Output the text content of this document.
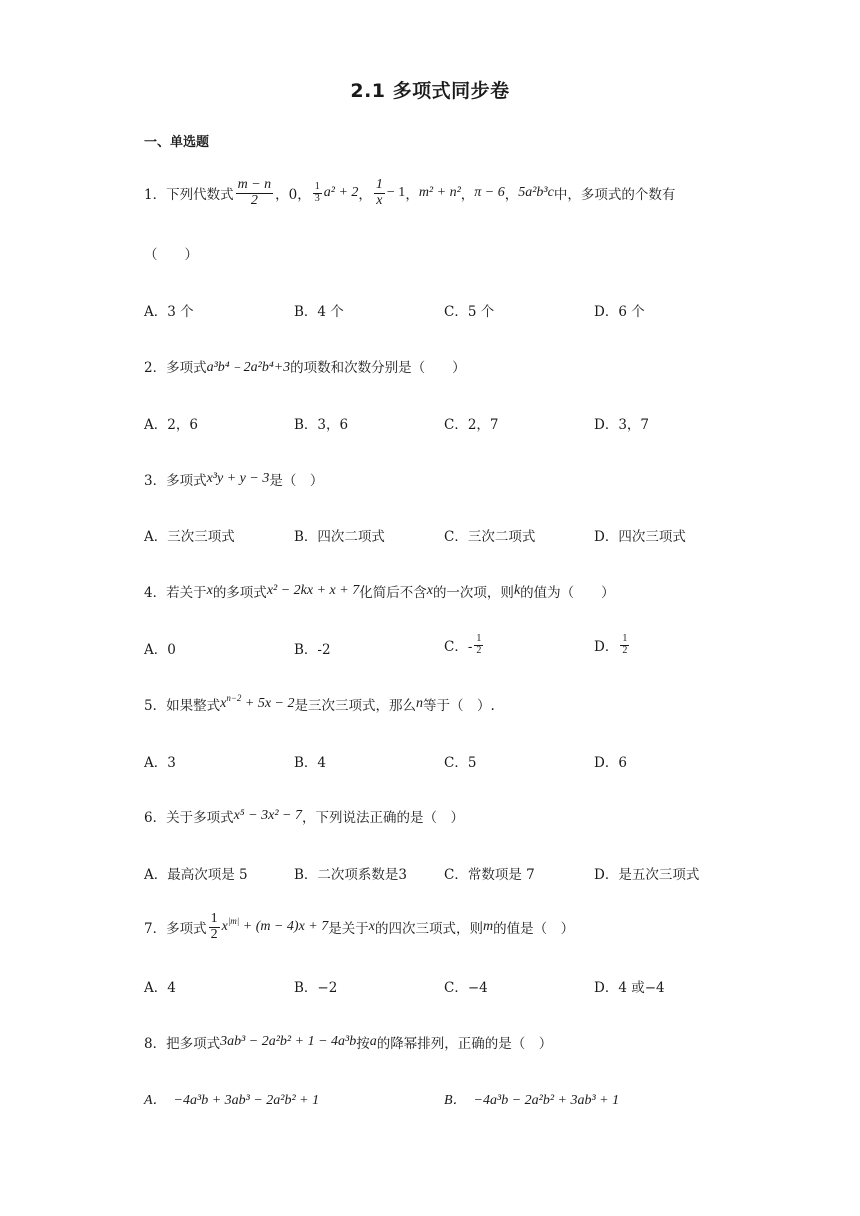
2.1 多项式同步卷
一、单选题
1．下列代数式 $\frac{m - n}{2}$ ，0， $\frac{1}{3} a^2 + 2$ ， $\frac{1}{x} - 1$ ， m² + n² ， π − 6 ， 5a²b³c 中，多项式的个数有
（　　）
A．3 个	B．4 个	C．5 个	D．6 个
2．多项式 a³b⁴﹣2a²b⁴+3 的项数和次数分别是（　　）
A．2，6	B．3，6	C．2，7	D．3，7
3．多项式 x³y + y − 3 是（　）
A．三次三项式	B．四次二项式	C．三次二项式	D．四次三项式
4．若关于 x 的多项式 x² − 2kx + x + 7 化简后不含 x 的一次项，则 k 的值为（　　）
A．0	B．-2	C．- $\frac{1}{2}$	D． $\frac{1}{2}$
5．如果整式 $x^{n-2} + 5x - 2$ 是三次三项式，那么 n 等于（　）.
A．3	B．4	C．5	D．6
6．关于多项式 x⁵ − 3x² − 7 ，下列说法正确的是（　）
A．最高次项是 5	B．二次项系数是3	C．常数项是 7	D．是五次三项式
7．多项式 $\frac{1}{2} x^{|m|} + (m - 4)x + 7$ 是关于 x 的四次三项式，则 m 的值是（　）
A．4	B．−2	C．−4	D．4 或−4
8．把多项式 3ab³ − 2a²b² + 1 − 4a³b 按 a 的降幂排列，正确的是（　）
A．　−4a³b + 3ab³ − 2a²b² + 1	B．　−4a³b − 2a²b² + 3ab³ + 1
